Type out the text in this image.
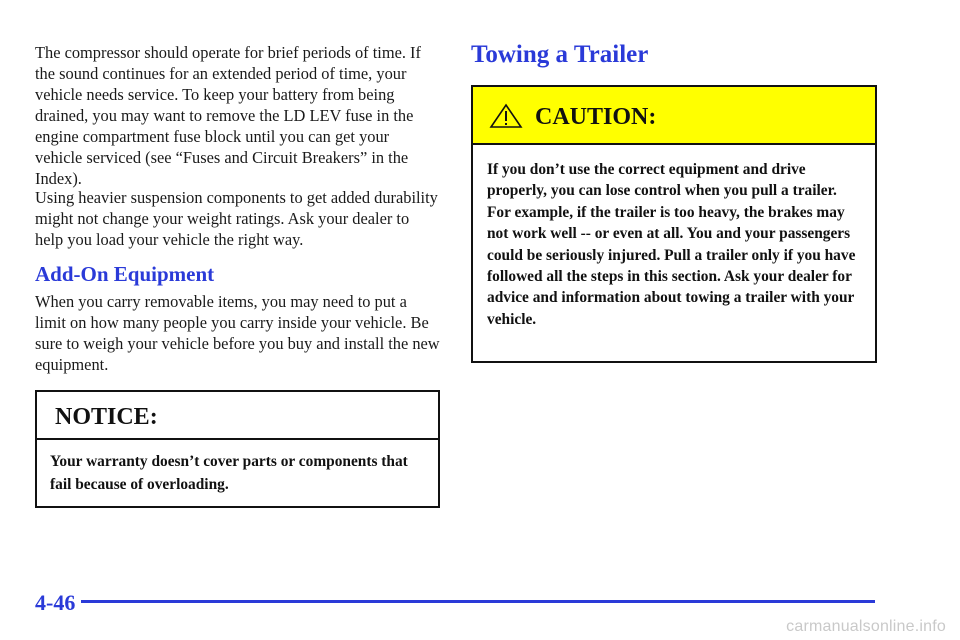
The compressor should operate for brief periods of time. If the sound continues for an extended period of time, your vehicle needs service. To keep your battery from being drained, you may want to remove the LD LEV fuse in the engine compartment fuse block until you can get your vehicle serviced (see “Fuses and Circuit Breakers” in the Index).

Using heavier suspension components to get added durability might not change your weight ratings. Ask your dealer to help you load your vehicle the right way.

Add-On Equipment

When you carry removable items, you may need to put a limit on how many people you carry inside your vehicle. Be sure to weigh your vehicle before you buy and install the new equipment.

NOTICE:
Your warranty doesn’t cover parts or components that fail because of overloading.
Towing a Trailer
CAUTION:
If you don’t use the correct equipment and drive properly, you can lose control when you pull a trailer. For example, if the trailer is too heavy, the brakes may not work well -- or even at all. You and your passengers could be seriously injured. Pull a trailer only if you have followed all the steps in this section. Ask your dealer for advice and information about towing a trailer with your vehicle.
4-46
carmanualsonline.info
